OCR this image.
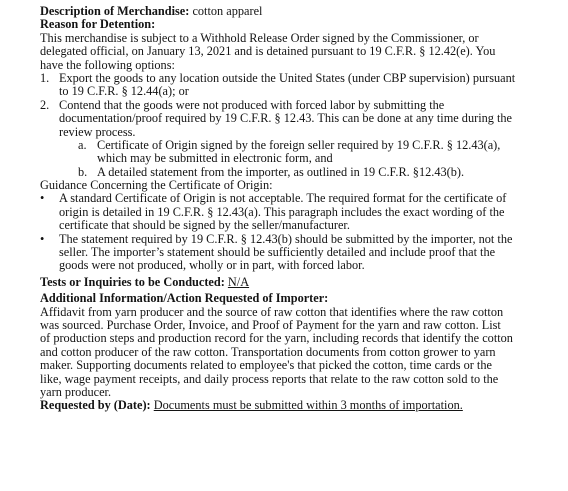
Description of Merchandise: cotton apparel
Reason for Detention:
This merchandise is subject to a Withhold Release Order signed by the Commissioner, or
delegated official, on January 13, 2021 and is detained pursuant to 19 C.F.R. § 12.42(e). You
have the following options:
1. Export the goods to any location outside the United States (under CBP supervision) pursuant
to 19 C.F.R. § 12.44(a); or
2. Contend that the goods were not produced with forced labor by submitting the
documentation/proof required by 19 C.F.R. § 12.43. This can be done at any time during the
review process.
a. Certificate of Origin signed by the foreign seller required by 19 C.F.R. § 12.43(a),
which may be submitted in electronic form, and
b. A detailed statement from the importer, as outlined in 19 C.F.R. §12.43(b).
Guidance Concerning the Certificate of Origin:
• A standard Certificate of Origin is not acceptable. The required format for the certificate of
origin is detailed in 19 C.F.R. § 12.43(a). This paragraph includes the exact wording of the
certificate that should be signed by the seller/manufacturer.
• The statement required by 19 C.F.R. § 12.43(b) should be submitted by the importer, not the
seller. The importer’s statement should be sufficiently detailed and include proof that the
goods were not produced, wholly or in part, with forced labor.
Tests or Inquiries to be Conducted: N/A
Additional Information/Action Requested of Importer:
Affidavit from yarn producer and the source of raw cotton that identifies where the raw cotton
was sourced. Purchase Order, Invoice, and Proof of Payment for the yarn and raw cotton. List
of production steps and production record for the yarn, including records that identify the cotton
and cotton producer of the raw cotton. Transportation documents from cotton grower to yarn
maker. Supporting documents related to employee's that picked the cotton, time cards or the
like, wage payment receipts, and daily process reports that relate to the raw cotton sold to the
yarn producer.
Requested by (Date): Documents must be submitted within 3 months of importation.
